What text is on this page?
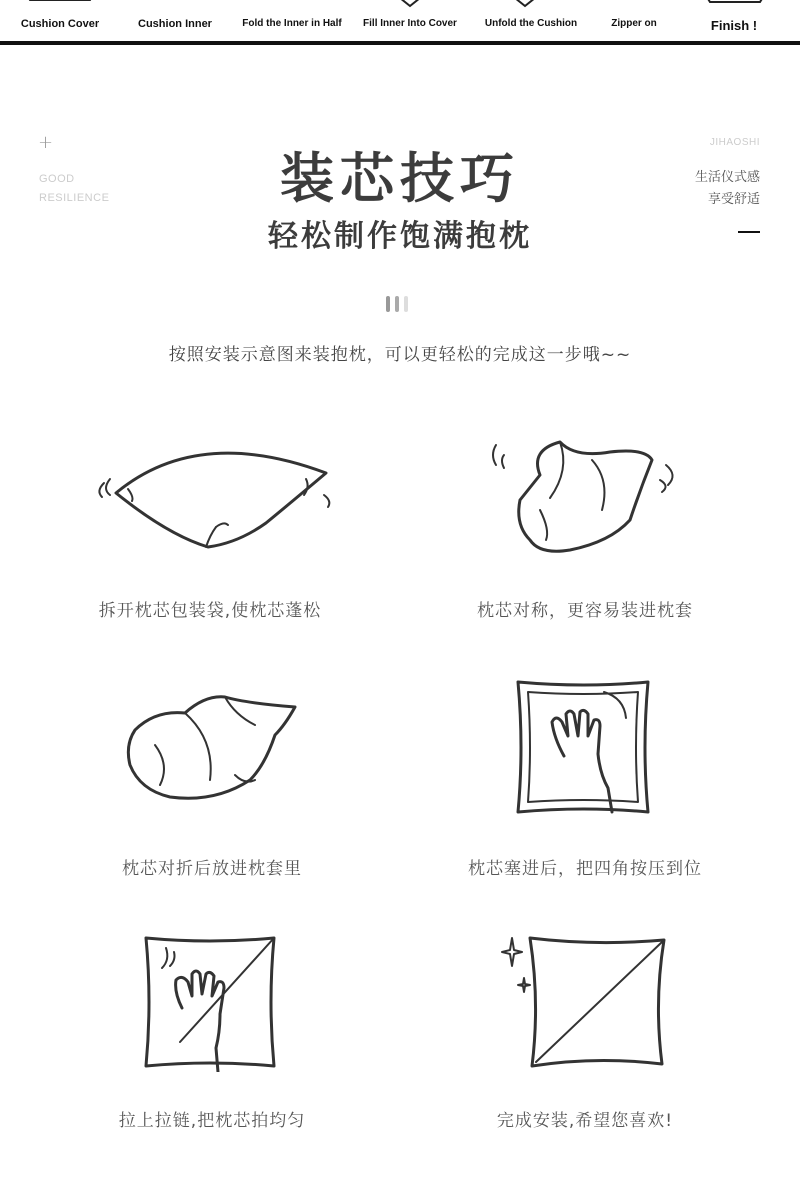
Cushion Cover	Cushion Inner	Fold the Inner in Half Fill Inner Into Cover	Unfold the Cushion	Zipper on	Finish !
+
GOOD
RESILIENCE
JIHAOSHI
生活仪式感
享受舒适
装芯技巧
轻松制作饱满抱枕
按照安装示意图来装抱枕，可以更轻松的完成这一步哦~~
拆开枕芯包装袋,使枕芯蓬松	枕芯对称，更容易装进枕套
枕芯对折后放进枕套里	枕芯塞进后，把四角按压到位
拉上拉链,把枕芯拍均匀	完成安装,希望您喜欢!
